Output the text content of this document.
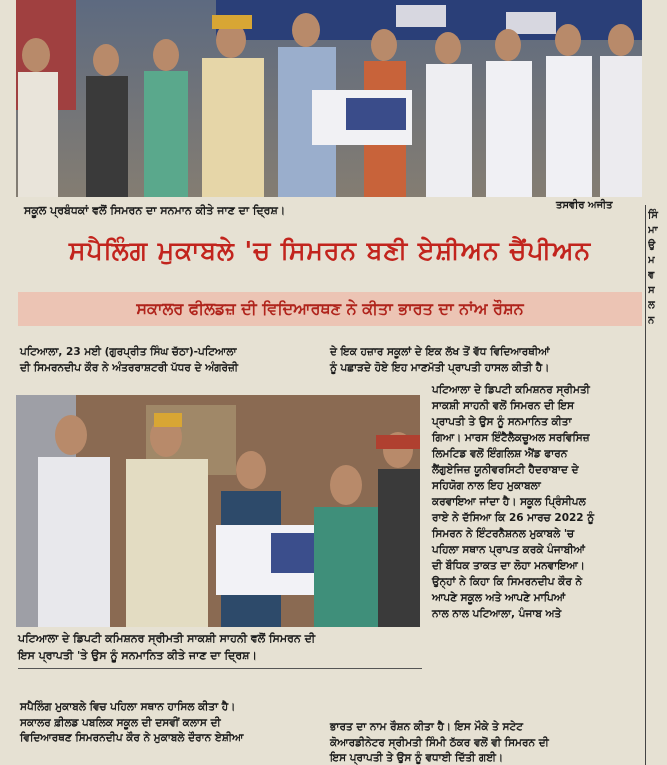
ਸਕੂਲ ਪ੍ਰਬੰਧਕਾਂ ਵਲੋਂ ਸਿਮਰਨ ਦਾ ਸਨਮਾਨ ਕੀਤੇ ਜਾਣ ਦਾ ਦ੍ਰਿਸ਼।	ਤਸਵੀਰ ਅਜੀਤ
ਸਪੈਲਿੰਗ ਮੁਕਾਬਲੇ 'ਚ ਸਿਮਰਨ ਬਣੀ ਏਸ਼ੀਅਨ ਚੈਂਪੀਅਨ
ਸਕਾਲਰ ਫੀਲਡਜ਼ ਦੀ ਵਿਦਿਆਰਥਣ ਨੇ ਕੀਤਾ ਭਾਰਤ ਦਾ ਨਾਂਅ ਰੌਸ਼ਨ

ਪਟਿਆਲਾ, 23 ਮਈ (ਗੁਰਪ੍ਰੀਤ ਸਿੰਘ ਚੱਠਾ)-ਪਟਿਆਲਾ

ਦੀ ਸਿਮਰਨਦੀਪ ਕੌਰ ਨੇ ਅੰਤਰਰਾਸ਼ਟਰੀ ਪੱਧਰ ਦੇ ਅੰਗਰੇਜ਼ੀ

ਦੇ ਇਕ ਹਜ਼ਾਰ ਸਕੂਲਾਂ ਦੇ ਇਕ ਲੱਖ ਤੋਂ ਵੱਧ ਵਿਦਿਆਰਥੀਆਂ

ਨੂੰ ਪਛਾੜਦੇ ਹੋਏ ਇਹ ਮਾਣਮੱਤੀ ਪ੍ਰਾਪਤੀ ਹਾਸਲ ਕੀਤੀ ਹੈ।

ਪਟਿਆਲਾ ਦੇ ਡਿਪਟੀ ਕਮਿਸ਼ਨਰ ਸ੍ਰੀਮਤੀ

ਸਾਕਸ਼ੀ ਸਾਹਨੀ ਵਲੋਂ ਸਿਮਰਨ ਦੀ ਇਸ

ਪ੍ਰਾਪਤੀ ਤੇ ਉਸ ਨੂੰ ਸਨਮਾਨਿਤ ਕੀਤਾ

ਗਿਆ। ਮਾਰਸ ਇੰਟੈਲੈਕਚੂਅਲ ਸਰਵਿਸਿਜ਼

ਲਿਮਟਿਡ ਵਲੋਂ ਇੰਗਲਿਸ਼ ਐਂਡ ਫਾਰਨ

ਲੈਂਗੁਏਜਿਜ਼ ਯੂਨੀਵਰਸਿਟੀ ਹੈਦਰਾਬਾਦ ਦੇ

ਸਹਿਯੋਗ ਨਾਲ ਇਹ ਮੁਕਾਬਲਾ

ਕਰਵਾਇਆ ਜਾਂਦਾ ਹੈ। ਸਕੂਲ ਪ੍ਰਿੰਸੀਪਲ

ਰਾਏ ਨੇ ਦੱਸਿਆ ਕਿ 26 ਮਾਰਚ 2022 ਨੂੰ

ਸਿਮਰਨ ਨੇ ਇੰਟਰਨੈਸ਼ਨਲ ਮੁਕਾਬਲੇ 'ਚ

ਪਹਿਲਾ ਸਥਾਨ ਪ੍ਰਾਪਤ ਕਰਕੇ ਪੰਜਾਬੀਆਂ

ਦੀ ਬੌਧਿਕ ਤਾਕਤ ਦਾ ਲੋਹਾ ਮਨਵਾਇਆ।

ਉਨ੍ਹਾਂ ਨੇ ਕਿਹਾ ਕਿ ਸਿਮਰਨਦੀਪ ਕੌਰ ਨੇ

ਆਪਣੇ ਸਕੂਲ ਅਤੇ ਆਪਣੇ ਮਾਪਿਆਂ

ਨਾਲ ਨਾਲ ਪਟਿਆਲਾ, ਪੰਜਾਬ ਅਤੇ

ਪਟਿਆਲਾ ਦੇ ਡਿਪਟੀ ਕਮਿਸ਼ਨਰ ਸ੍ਰੀਮਤੀ ਸਾਕਸ਼ੀ ਸਾਹਨੀ ਵਲੋਂ ਸਿਮਰਨ ਦੀ

ਇਸ ਪ੍ਰਾਪਤੀ 'ਤੇ ਉਸ ਨੂੰ ਸਨਮਾਨਿਤ ਕੀਤੇ ਜਾਣ ਦਾ ਦ੍ਰਿਸ਼।

ਸਪੈਲਿੰਗ ਮੁਕਾਬਲੇ ਵਿਚ ਪਹਿਲਾ ਸਥਾਨ ਹਾਸਿਲ ਕੀਤਾ ਹੈ।

ਸਕਾਲਰ ਫ਼ੀਲਡ ਪਬਲਿਕ ਸਕੂਲ ਦੀ ਦਸਵੀਂ ਕਲਾਸ ਦੀ

ਵਿਦਿਆਰਥਣ ਸਿਮਰਨਦੀਪ ਕੌਰ ਨੇ ਮੁਕਾਬਲੇ ਦੌਰਾਨ ਏਸ਼ੀਆ

ਭਾਰਤ ਦਾ ਨਾਮ ਰੌਸ਼ਨ ਕੀਤਾ ਹੈ। ਇਸ ਮੌਕੇ ਤੇ ਸਟੇਟ

ਕੋਆਰਡੀਨੇਟਰ ਸ੍ਰੀਮਤੀ ਸਿੰਮੀ ਠੱਕਰ ਵਲੋਂ ਵੀ ਸਿਮਰਨ ਦੀ

ਇਸ ਪ੍ਰਾਪਤੀ ਤੇ ਉਸ ਨੂੰ ਵਧਾਈ ਦਿੱਤੀ ਗਈ।

ਸਿੰ
ਮਾ
ਉ
ਮ
ਵ
ਸ
ਲ
ਨ
